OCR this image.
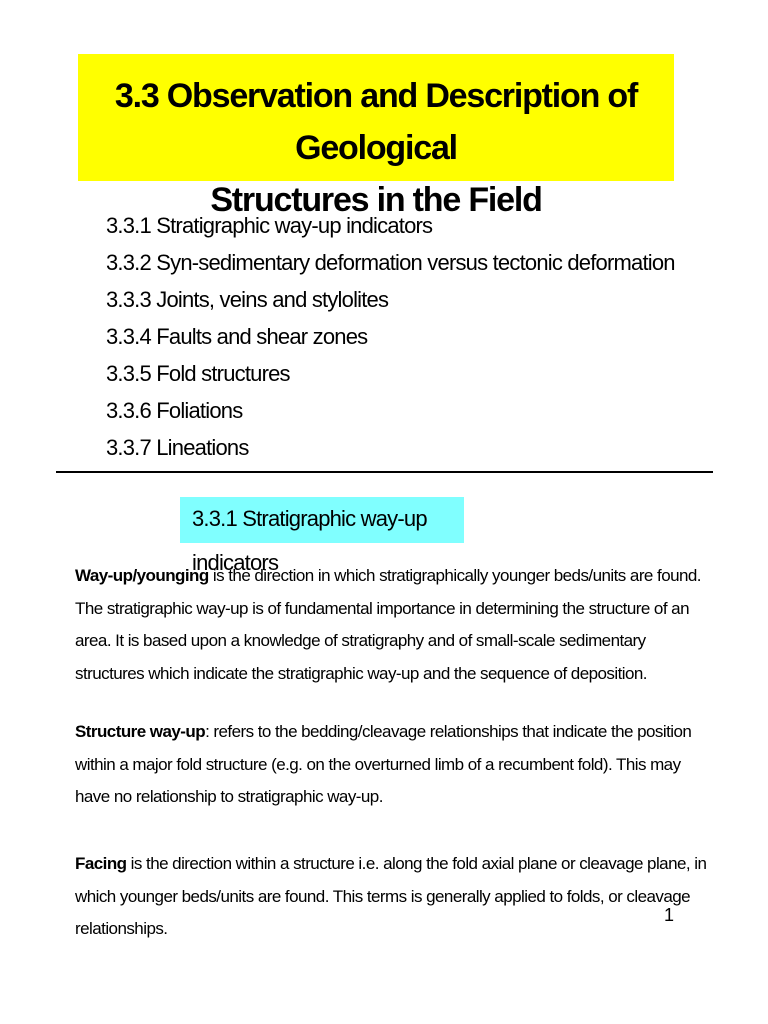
3.3 Observation and Description of Geological
Structures in the Field
3.3.1 Stratigraphic way-up indicators
3.3.2 Syn-sedimentary deformation versus tectonic deformation
3.3.3 Joints, veins and stylolites
3.3.4 Faults and shear zones
3.3.5 Fold structures
3.3.6 Foliations
3.3.7 Lineations
3.3.1 Stratigraphic way-up indicators

Way-up/younging is the direction in which stratigraphically younger beds/units are found. The stratigraphic way-up is of fundamental importance in determining the structure of an area. It is based upon a knowledge of stratigraphy and of small-scale sedimentary structures which indicate the stratigraphic way-up and the sequence of deposition.

Structure way-up: refers to the bedding/cleavage relationships that indicate the position within a major fold structure (e.g. on the overturned limb of a recumbent fold). This may have no relationship to stratigraphic way-up.

Facing is the direction within a structure i.e. along the fold axial plane or cleavage plane, in which younger beds/units are found. This terms is generally applied to folds, or cleavage relationships.

1
